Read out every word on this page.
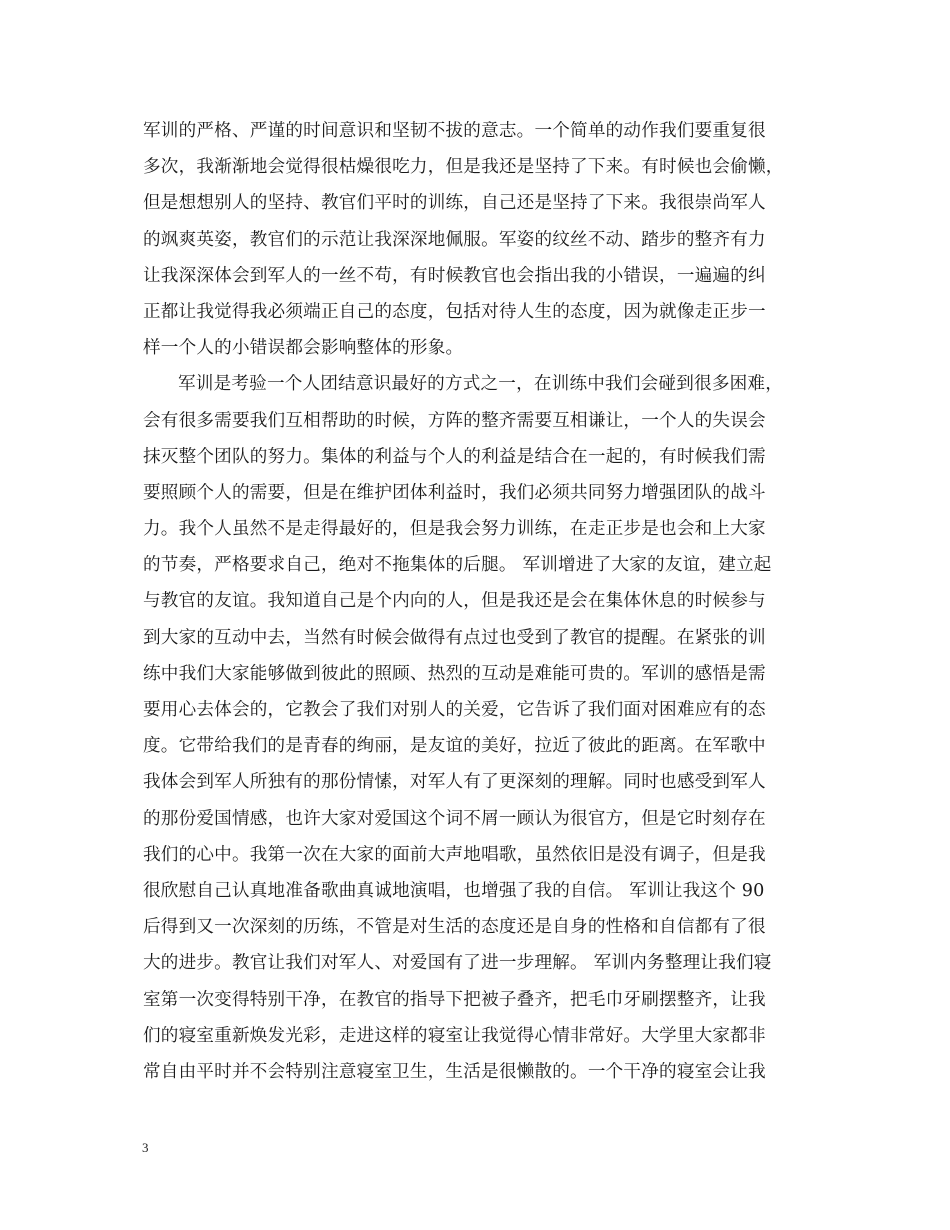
军训的严格、严谨的时间意识和坚韧不拔的意志。一个简单的动作我们要重复很
多次，我渐渐地会觉得很枯燥很吃力，但是我还是坚持了下来。有时候也会偷懒，
但是想想别人的坚持、教官们平时的训练，自己还是坚持了下来。我很崇尚军人
的飒爽英姿，教官们的示范让我深深地佩服。军姿的纹丝不动、踏步的整齐有力
让我深深体会到军人的一丝不苟，有时候教官也会指出我的小错误，一遍遍的纠
正都让我觉得我必须端正自己的态度，包括对待人生的态度，因为就像走正步一
样一个人的小错误都会影响整体的形象。
军训是考验一个人团结意识最好的方式之一，在训练中我们会碰到很多困难，
会有很多需要我们互相帮助的时候，方阵的整齐需要互相谦让，一个人的失误会
抹灭整个团队的努力。集体的利益与个人的利益是结合在一起的，有时候我们需
要照顾个人的需要，但是在维护团体利益时，我们必须共同努力增强团队的战斗
力。我个人虽然不是走得最好的，但是我会努力训练，在走正步是也会和上大家
的节奏，严格要求自己，绝对不拖集体的后腿。 军训增进了大家的友谊，建立起
与教官的友谊。我知道自己是个内向的人，但是我还是会在集体休息的时候参与
到大家的互动中去，当然有时候会做得有点过也受到了教官的提醒。在紧张的训
练中我们大家能够做到彼此的照顾、热烈的互动是难能可贵的。军训的感悟是需
要用心去体会的，它教会了我们对别人的关爱，它告诉了我们面对困难应有的态
度。它带给我们的是青春的绚丽，是友谊的美好，拉近了彼此的距离。在军歌中
我体会到军人所独有的那份情愫，对军人有了更深刻的理解。同时也感受到军人
的那份爱国情感，也许大家对爱国这个词不屑一顾认为很官方，但是它时刻存在
我们的心中。我第一次在大家的面前大声地唱歌，虽然依旧是没有调子，但是我
很欣慰自己认真地准备歌曲真诚地演唱，也增强了我的自信。 军训让我这个 90
后得到又一次深刻的历练，不管是对生活的态度还是自身的性格和自信都有了很
大的进步。教官让我们对军人、对爱国有了进一步理解。 军训内务整理让我们寝
室第一次变得特别干净，在教官的指导下把被子叠齐，把毛巾牙刷摆整齐，让我
们的寝室重新焕发光彩，走进这样的寝室让我觉得心情非常好。大学里大家都非
常自由平时并不会特别注意寝室卫生，生活是很懒散的。一个干净的寝室会让我
3
